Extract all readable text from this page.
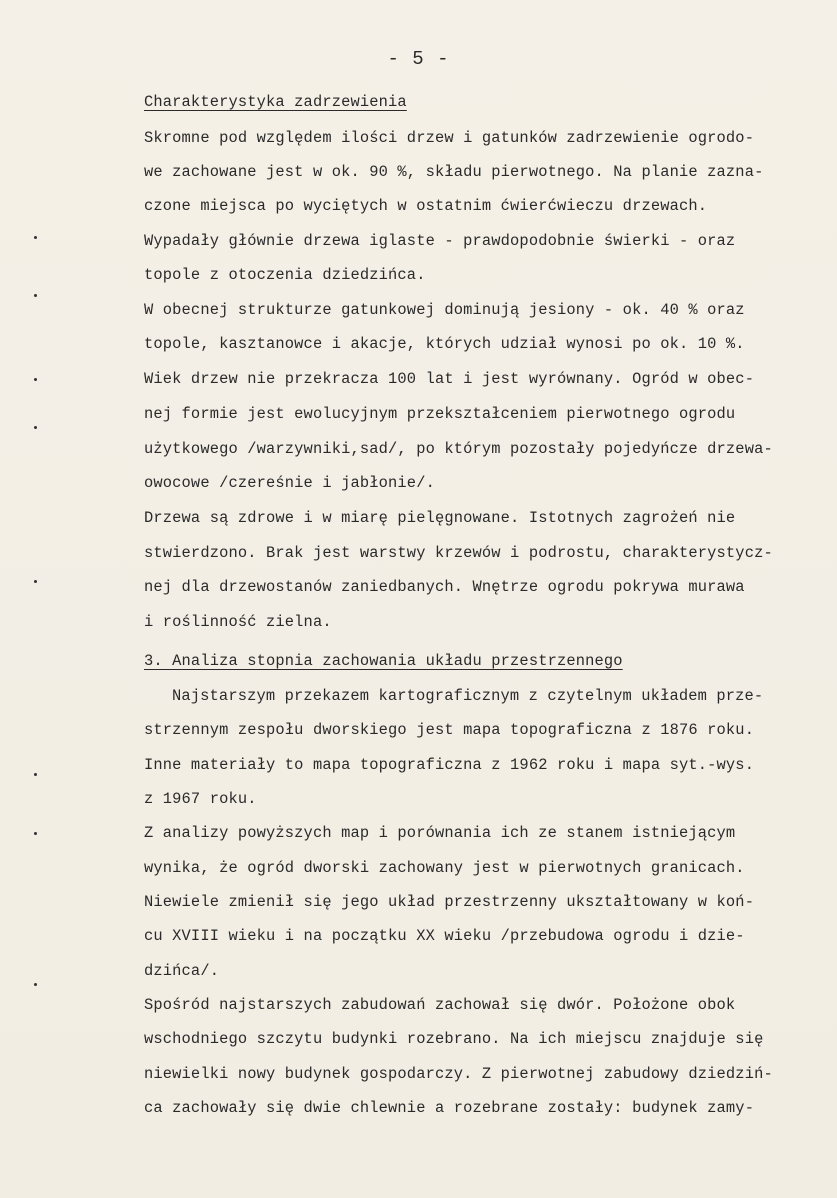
- 5 -
Charakterystyka zadrzewienia
Skromne pod względem ilości drzew i gatunków zadrzewienie ogrodo-
we zachowane jest w ok. 90 %, składu pierwotnego. Na planie zazna-
czone miejsca po wyciętych w ostatnim ćwierćwieczu drzewach.
Wypadały głównie drzewa iglaste - prawdopodobnie świerki - oraz
topole z otoczenia dziedzińca.
W obecnej strukturze gatunkowej dominują jesiony - ok. 40 % oraz
topole, kasztanowce i akacje, których udział wynosi po ok. 10 %.
Wiek drzew nie przekracza 100 lat i jest wyrównany. Ogród w obec-
nej formie jest ewolucyjnym przekształceniem pierwotnego ogrodu
użytkowego /warzywniki,sad/, po którym pozostały pojedyńcze drzewa-
owocowe /czereśnie i jabłonie/.
Drzewa są zdrowe i w miarę pielęgnowane. Istotnych zagrożeń nie
stwierdzono. Brak jest warstwy krzewów i podrostu, charakterystycz-
nej dla drzewostanów zaniedbanych. Wnętrze ogrodu pokrywa murawa
i roślinność zielna.
3. Analiza stopnia zachowania układu przestrzennego
Najstarszym przekazem kartograficznym z czytelnym układem prze-
strzennym zespołu dworskiego jest mapa topograficzna z 1876 roku.
Inne materiały to mapa topograficzna z 1962 roku i mapa syt.-wys.
z 1967 roku.
Z analizy powyższych map i porównania ich ze stanem istniejącym
wynika, że ogród dworski zachowany jest w pierwotnych granicach.
Niewiele zmienił się jego układ przestrzenny ukształtowany w koń-
cu XVIII wieku i na początku XX wieku /przebudowa ogrodu i dzie-
dzińca/.
Spośród najstarszych zabudowań zachował się dwór. Położone obok
wschodniego szczytu budynki rozebrano. Na ich miejscu znajduje się
niewielki nowy budynek gospodarczy. Z pierwotnej zabudowy dziedziń-
ca zachowały się dwie chlewnie a rozebrane zostały: budynek zamy-
